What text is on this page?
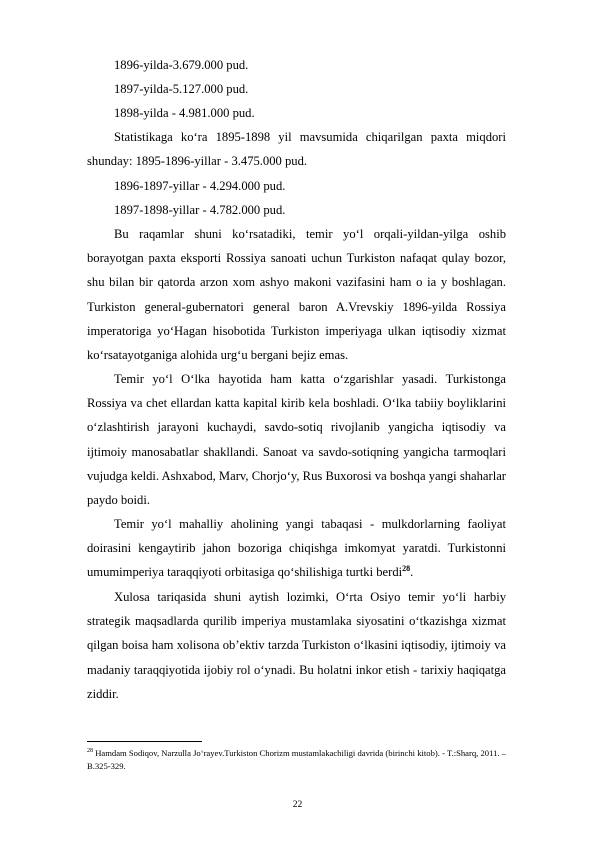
1896-yilda-3.679.000 pud.
1897-yilda-5.127.000 pud.
1898-yilda - 4.981.000 pud.

Statistikaga ko‘ra 1895-1898 yil mavsumida chiqarilgan paxta miqdori shunday: 1895-1896-yillar - 3.475.000 pud.

1896-1897-yillar - 4.294.000 pud.
1897-1898-yillar - 4.782.000 pud.

Bu raqamlar shuni ko‘rsatadiki, temir yo‘l orqali-yildan-yilga oshib borayotgan paxta eksporti Rossiya sanoati uchun Turkiston nafaqat qulay bozor, shu bilan bir qatorda arzon xom ashyo makoni vazifasini ham o ia y boshlagan. Turkiston general-gubernatori general baron A.Vrevskiy 1896-yilda Rossiya imperatoriga yo‘Hagan hisobotida Turkiston imperiyaga ulkan iqtisodiy xizmat ko‘rsatayotganiga alohida urg‘u bergani bejiz emas.

Temir yo‘l O‘lka hayotida ham katta o‘zgarishlar yasadi. Turkistonga Rossiya va chet ellardan katta kapital kirib kela boshladi. O‘lka tabiiy boyliklarini o‘zlashtirish jarayoni kuchaydi, savdo-sotiq rivojlanib yangicha iqtisodiy va ijtimoiy manosabatlar shakllandi. Sanoat va savdo-sotiqning yangicha tarmoqlari vujudga keldi. Ashxabod, Marv, Chorjo‘y, Rus Buxorosi va boshqa yangi shaharlar paydo boidi.

Temir yo‘l mahalliy aholining yangi tabaqasi - mulkdorlarning faoliyat doirasini kengaytirib jahon bozoriga chiqishga imkomyat yaratdi. Turkistonni umumimperiya taraqqiyoti orbitasiga qo‘shilishiga turtki berdi$^{28}$.

Xulosa tariqasida shuni aytish lozimki, O‘rta Osiyo temir yo‘li harbiy strategik maqsadlarda qurilib imperiya mustamlaka siyosatini o‘tkazishga xizmat qilgan boisa ham xolisona ob’ektiv tarzda Turkiston o‘lkasini iqtisodiy, ijtimoiy va madaniy taraqqiyotida ijobiy rol o‘ynadi. Bu holatni inkor etish - tarixiy haqiqatga ziddir.

$^{28}$ Hamdam Sodiqov, Narzulla Jo‘rayev.Turkiston Chorizm mustamlakachiligi davrida (birinchi kitob). - T.:Sharq, 2011. – B.325-329.

22
